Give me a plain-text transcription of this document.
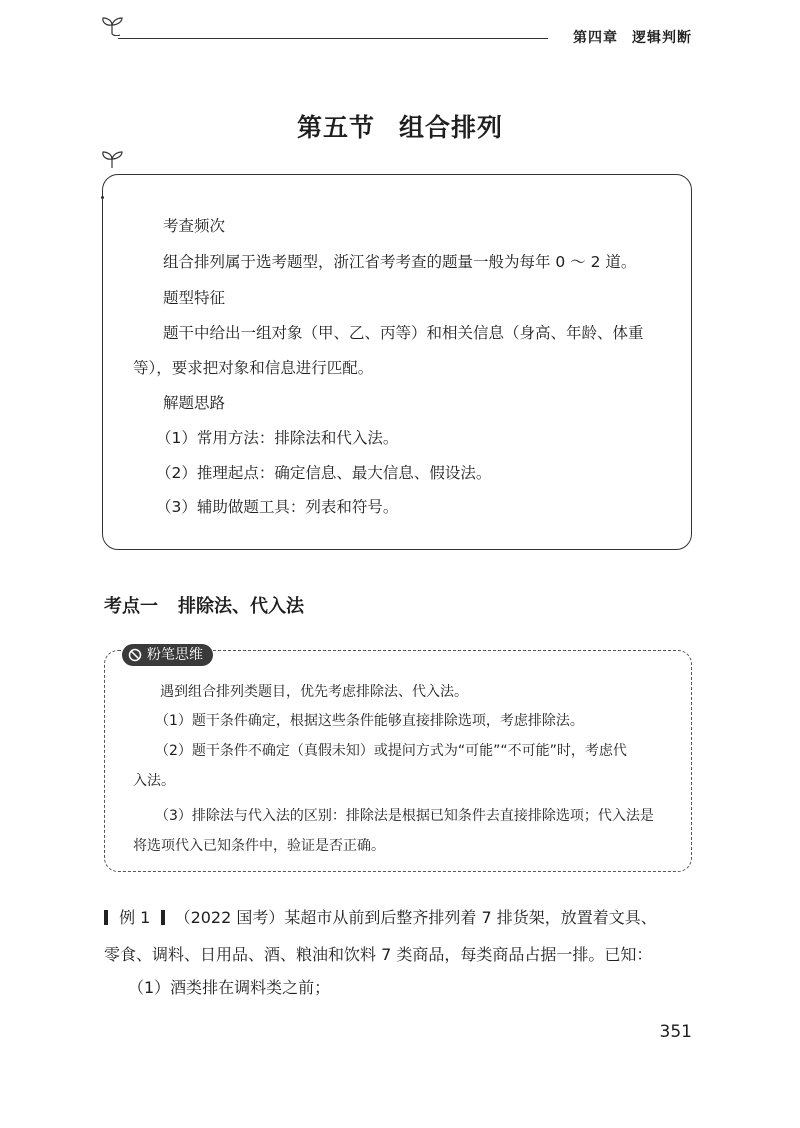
第四章 逻辑判断
第五节 组合排列
考查频次
组合排列属于选考题型，浙江省考考查的题量一般为每年 0 ～ 2 道。
题型特征
题干中给出一组对象（甲、乙、丙等）和相关信息（身高、年龄、体重
等），要求把对象和信息进行匹配。
解题思路
（1）常用方法：排除法和代入法。
（2）推理起点：确定信息、最大信息、假设法。
（3）辅助做题工具：列表和符号。
考点一 排除法、代入法
粉笔思维
遇到组合排列类题目，优先考虑排除法、代入法。
（1）题干条件确定，根据这些条件能够直接排除选项，考虑排除法。
（2）题干条件不确定（真假未知）或提问方式为“可能”“不可能”时，考虑代
入法。
（3）排除法与代入法的区别：排除法是根据已知条件去直接排除选项；代入法是
将选项代入已知条件中，验证是否正确。
例 1 （2022 国考）某超市从前到后整齐排列着 7 排货架，放置着文具、
零食、调料、日用品、酒、粮油和饮料 7 类商品，每类商品占据一排。已知：
（1）酒类排在调料类之前；
351
